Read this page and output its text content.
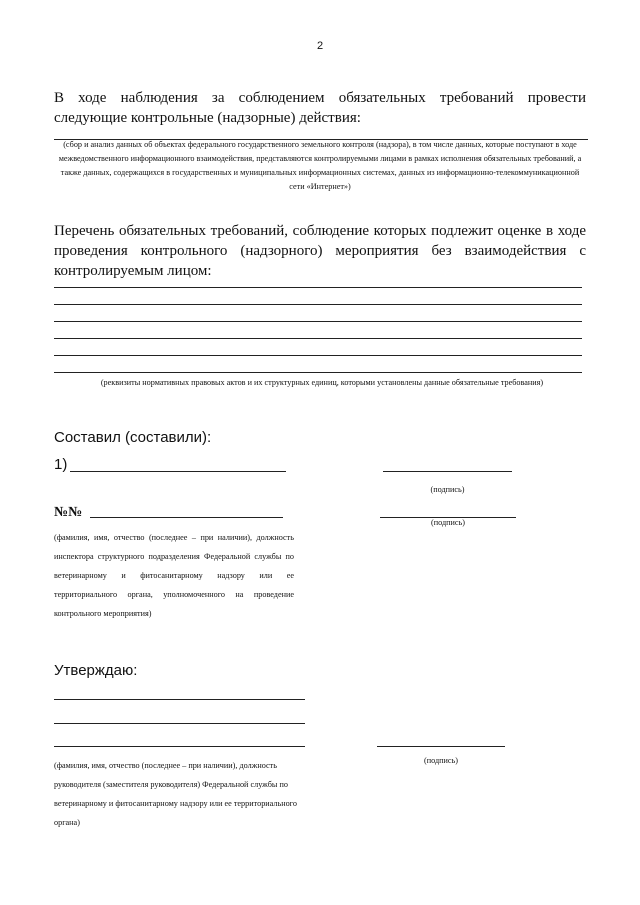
2
В ходе наблюдения за соблюдением обязательных требований провести следующие контрольные (надзорные) действия:
(сбор и анализ данных об объектах федерального государственного земельного контроля (надзора), в том числе данных, которые поступают в ходе межведомственного информационного взаимодействия, представляются контролируемыми лицами в рамках исполнения обязательных требований, а также данных, содержащихся в государственных и муниципальных информационных системах, данных из информационно-телекоммуникационной сети «Интернет»)
Перечень обязательных требований, соблюдение которых подлежит оценке в ходе проведения контрольного (надзорного) мероприятия без взаимодействия с контролируемым лицом:
(реквизиты нормативных правовых актов и их структурных единиц, которыми установлены данные обязательные требования)
Составил (составили):
1)
(подпись)
№№
(подпись)
(фамилия, имя, отчество (последнее – при наличии), должность инспектора структурного подразделения Федеральной службы по ветеринарному и фитосанитарному надзору или ее территориального органа, уполномоченного на проведение контрольного мероприятия)
Утверждаю:
(подпись)
(фамилия, имя, отчество (последнее – при наличии), должность руководителя (заместителя руководителя) Федеральной службы по ветеринарному и фитосанитарному надзору или ее территориального органа)
